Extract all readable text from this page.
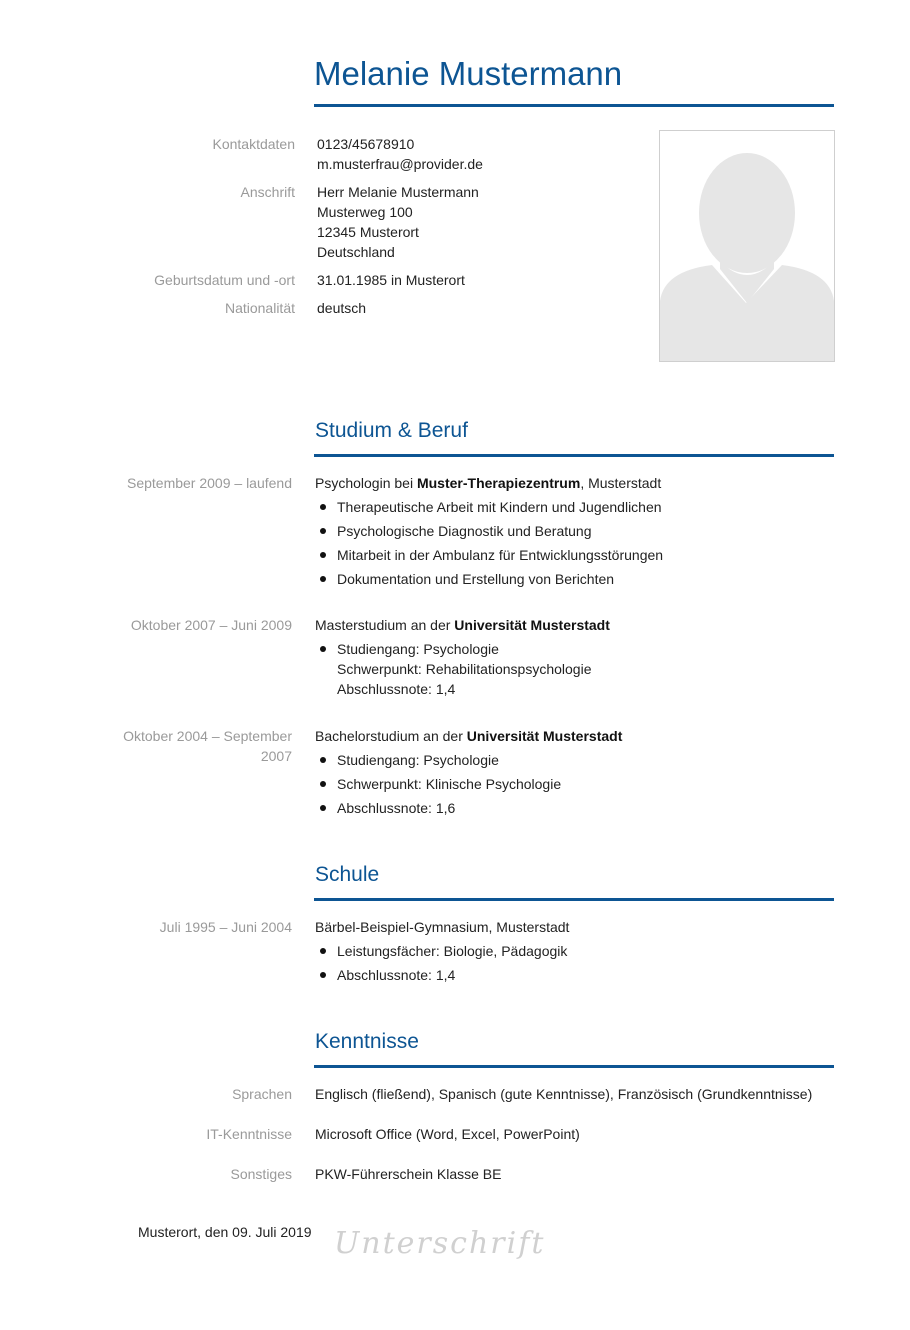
Melanie Mustermann
Kontaktdaten 0123/45678910
m.musterfrau@provider.de
Anschrift Herr Melanie Mustermann
Musterweg 100
12345 Musterort
Deutschland
Geburtsdatum und -ort 31.01.1985 in Musterort
Nationalität deutsch
Studium & Beruf
September 2009 – laufend Psychologin bei Muster-Therapiezentrum, Musterstadt
Therapeutische Arbeit mit Kindern und Jugendlichen
Psychologische Diagnostik und Beratung
Mitarbeit in der Ambulanz für Entwicklungsstörungen
Dokumentation und Erstellung von Berichten
Oktober 2007 – Juni 2009 Masterstudium an der Universität Musterstadt
Studiengang: Psychologie
Schwerpunkt: Rehabilitationspsychologie
Abschlussnote: 1,4
Oktober 2004 – September
2007
Bachelorstudium an der Universität Musterstadt
Studiengang: Psychologie
Schwerpunkt: Klinische Psychologie
Abschlussnote: 1,6
Schule
Juli 1995 – Juni 2004 Bärbel-Beispiel-Gymnasium, Musterstadt
Leistungsfächer: Biologie, Pädagogik
Abschlussnote: 1,4
Kenntnisse
Sprachen Englisch (fließend), Spanisch (gute Kenntnisse), Französisch (Grundkenntnisse)
IT-Kenntnisse Microsoft Office (Word, Excel, PowerPoint)
Sonstiges PKW-Führerschein Klasse BE
Musterort, den 09. Juli 2019 Unterschrift
